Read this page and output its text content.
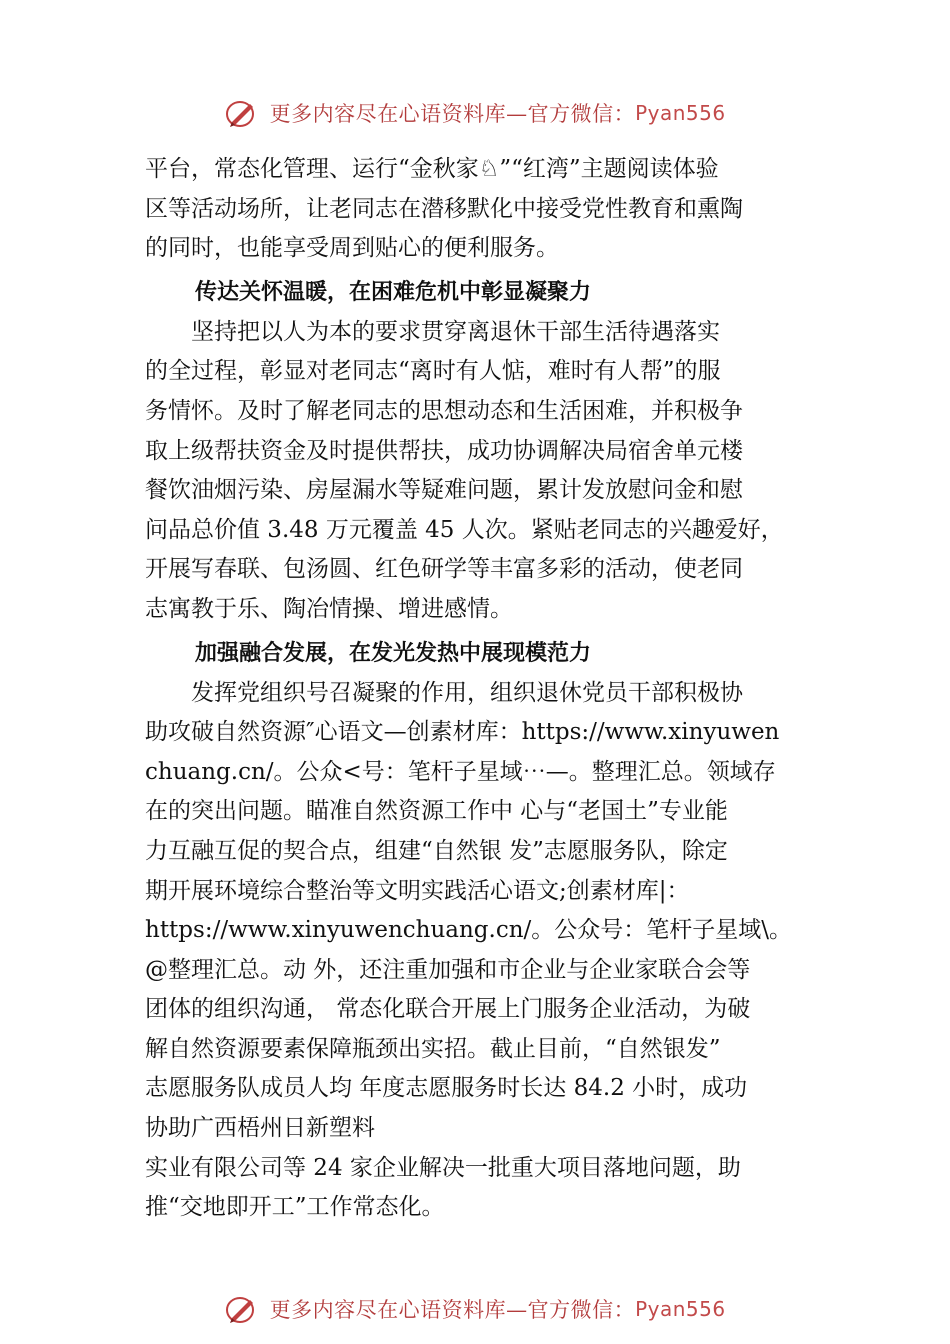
更多内容尽在心语资料库—官方微信：Pyan556

平台，常态化管理、运行“金秋家♘”“红湾”主题阅读体验
区等活动场所，让老同志在潜移默化中接受党性教育和熏陶
的同时，也能享受周到贴心的便利服务。

传达关怀温暖，在困难危机中彰显凝聚力

坚持把以人为本的要求贯穿离退休干部生活待遇落实
的全过程，彰显对老同志“离时有人惦，难时有人帮”的服
务情怀。及时了解老同志的思想动态和生活困难，并积极争
取上级帮扶资金及时提供帮扶，成功协调解决局宿舍单元楼
餐饮油烟污染、房屋漏水等疑难问题，累计发放慰问金和慰
问品总价值 3.48 万元覆盖 45 人次。紧贴老同志的兴趣爱好，
开展写春联、包汤圆、红色研学等丰富多彩的活动，使老同
志寓教于乐、陶冶情操、增进感情。

加强融合发展，在发光发热中展现模范力

发挥党组织号召凝聚的作用，组织退休党员干部积极协
助攻破自然资源″心语文—创素材库：https://www.xinyuwen
chuang.cn/。公众<号：笔杆子星域⋯—。整理汇总。领域存
在的突出问题。瞄准自然资源工作中 心与“老国土”专业能
力互融互促的契合点，组建“自然银 发”志愿服务队，除定
期开展环境综合整治等文明实践活心语文;创素材库|：
https://www.xinyuwenchuang.cn/。公众号：笔杆子星域\。
@整理汇总。动 外，还注重加强和市企业与企业家联合会等
团体的组织沟通， 常态化联合开展上门服务企业活动，为破
解自然资源要素保障瓶颈出实招。截止目前，“自然银发”
志愿服务队成员人均 年度志愿服务时长达 84.2 小时，成功
协助广西梧州日新塑料
实业有限公司等 24 家企业解决一批重大项目落地问题，助
推“交地即开工”工作常态化。

更多内容尽在心语资料库—官方微信：Pyan556
